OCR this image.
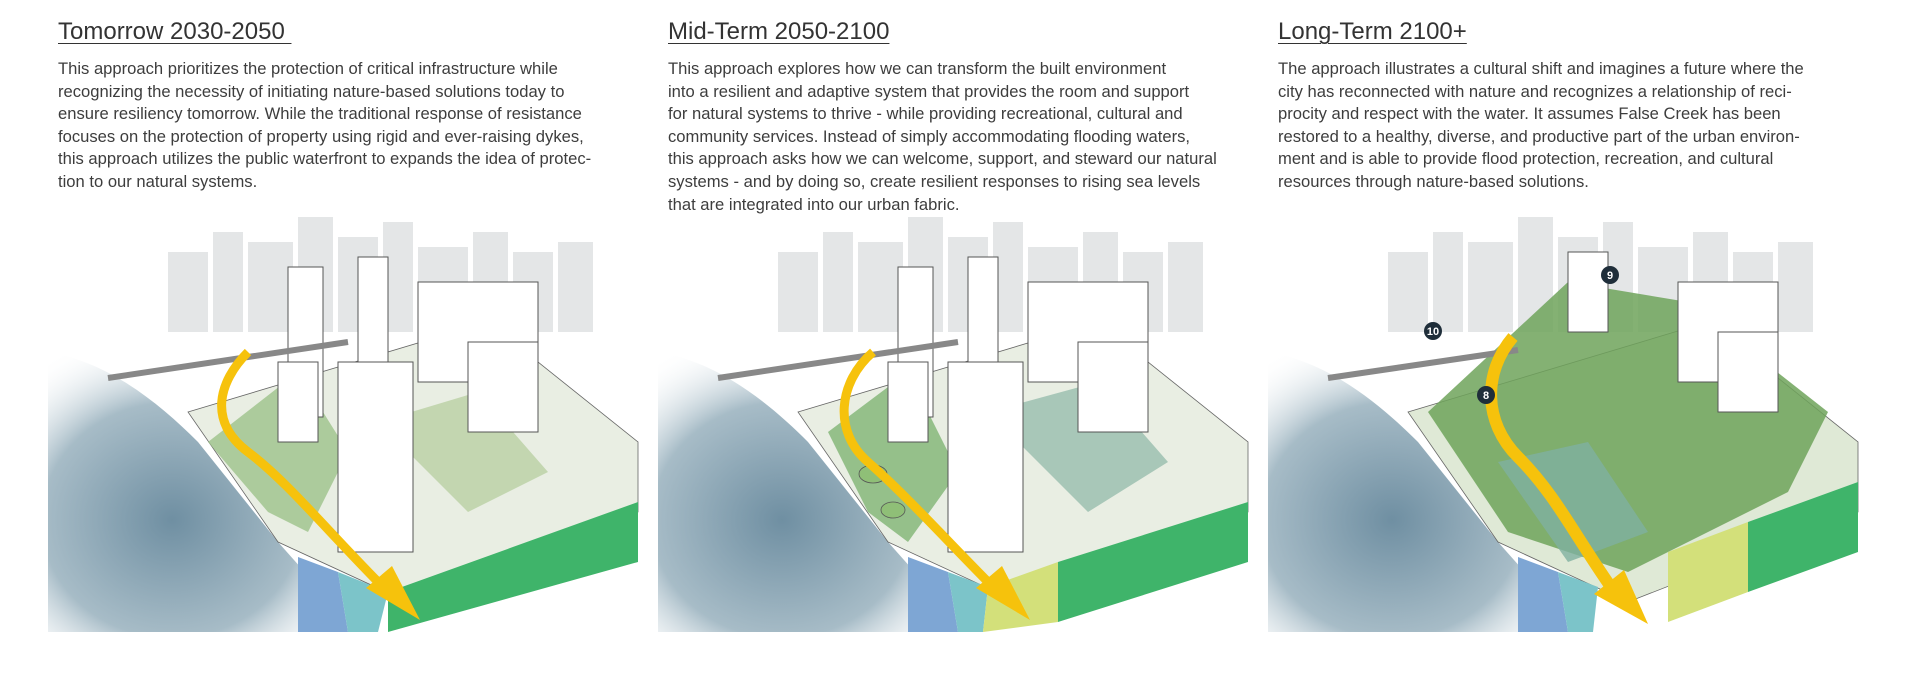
Tomorrow 2030-2050

This approach prioritizes the protection of critical infrastructure while
recognizing the necessity of initiating nature-based solutions today to
ensure resiliency tomorrow. While the traditional response of resistance
focuses on the protection of property using rigid and ever-raising dykes,
this approach utilizes the public waterfront to expands the idea of protec-
tion to our natural systems.

Mid-Term 2050-2100

This approach explores how we can transform the built environment
into a resilient and adaptive system that provides the room and support
for natural systems to thrive - while providing recreational, cultural and
community services. Instead of simply accommodating flooding waters,
this approach asks how we can welcome, support, and steward our natural
systems - and by doing so, create resilient responses to rising sea levels
that are integrated into our urban fabric.

Long-Term 2100+

The approach illustrates a cultural shift and imagines a future where the
city has reconnected with nature and recognizes a relationship of reci-
procity and respect with the water. It assumes False Creek has been
restored to a healthy, diverse, and productive part of the urban environ-
ment and is able to provide flood protection, recreation, and cultural
resources through nature-based solutions.

9
10
8
